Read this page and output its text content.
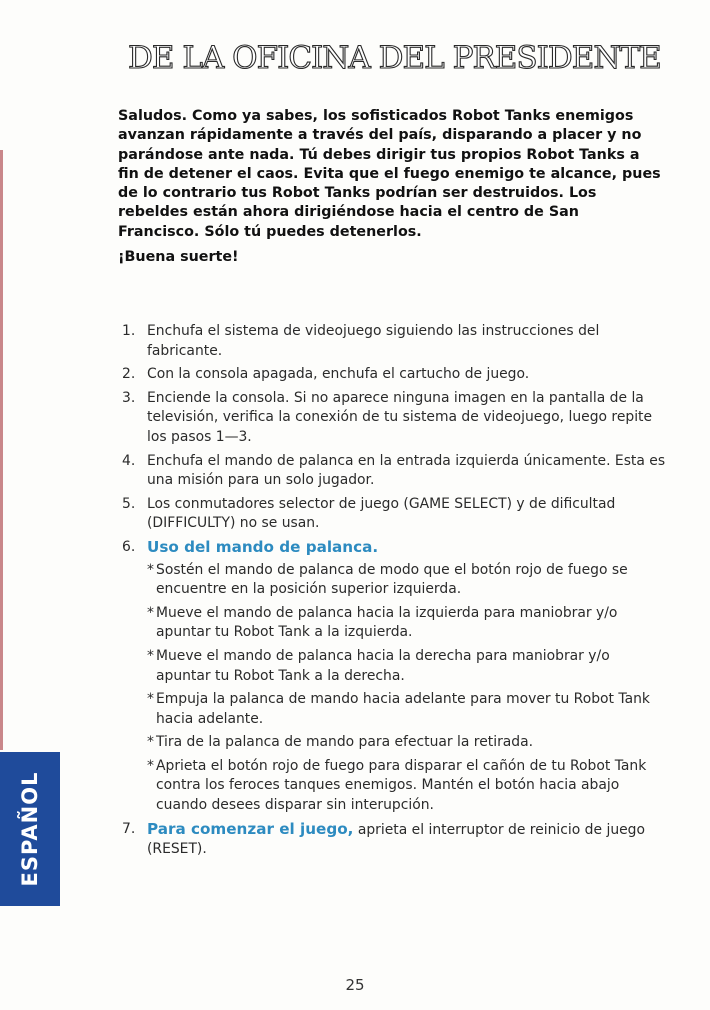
DE LA OFICINA DEL PRESIDENTE

Saludos. Como ya sabes, los sofisticados Robot Tanks enemigos avanzan rápidamente a través del país, disparando a placer y no parándose ante nada. Tú debes dirigir tus propios Robot Tanks a fin de detener el caos. Evita que el fuego enemigo te alcance, pues de lo contrario tus Robot Tanks podrían ser destruidos. Los rebeldes están ahora dirigiéndose hacia el centro de San Francisco. Sólo tú puedes detenerlos.

¡Buena suerte!
1. Enchufa el sistema de videojuego siguiendo las instrucciones del fabricante.
2. Con la consola apagada, enchufa el cartucho de juego.
3. Enciende la consola. Si no aparece ninguna imagen en la pantalla de la televisión, verifica la conexión de tu sistema de videojuego, luego repite los pasos 1—3.
4. Enchufa el mando de palanca en la entrada izquierda únicamente. Esta es una misión para un solo jugador.
5. Los conmutadores selector de juego (GAME SELECT) y de dificultad (DIFFICULTY) no se usan.
6. Uso del mando de palanca.
* Sostén el mando de palanca de modo que el botón rojo de fuego se encuentre en la posición superior izquierda.
* Mueve el mando de palanca hacia la izquierda para maniobrar y/o apuntar tu Robot Tank a la izquierda.
* Mueve el mando de palanca hacia la derecha para maniobrar y/o apuntar tu Robot Tank a la derecha.
* Empuja la palanca de mando hacia adelante para mover tu Robot Tank hacia adelante.
* Tira de la palanca de mando para efectuar la retirada.
* Aprieta el botón rojo de fuego para disparar el cañón de tu Robot Tank contra los feroces tanques enemigos. Mantén el botón hacia abajo cuando desees disparar sin interupción.
7. Para comenzar el juego, aprieta el interruptor de reinicio de juego (RESET).
ESPAÑOL
25
